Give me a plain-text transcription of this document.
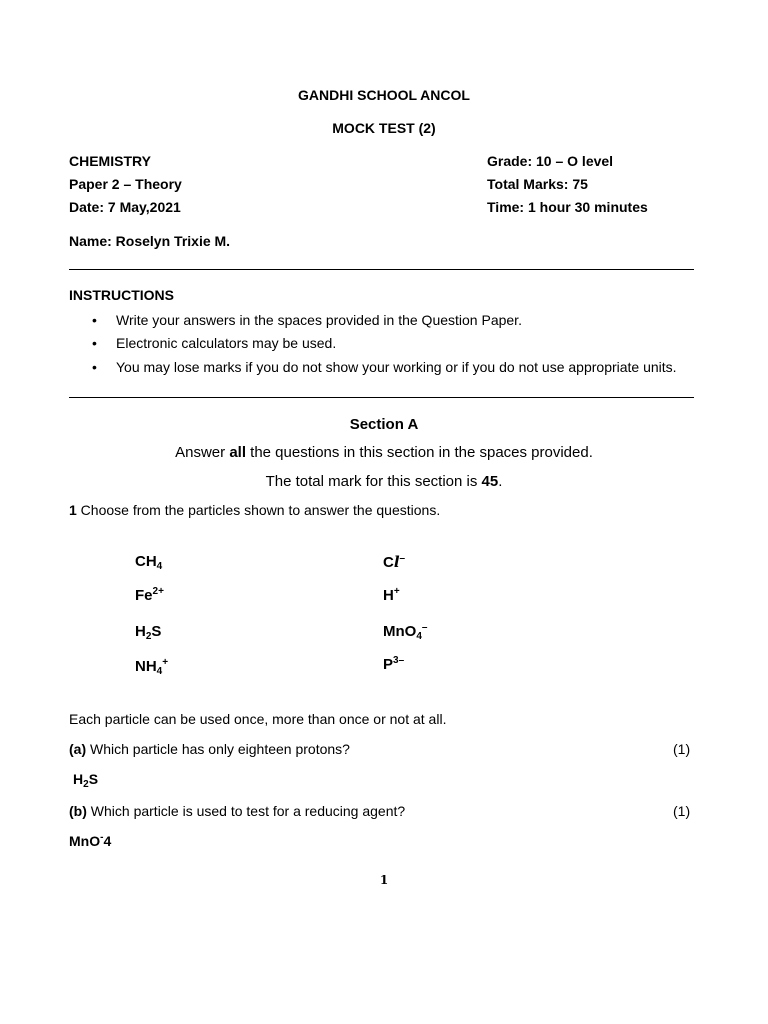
GANDHI SCHOOL ANCOL
MOCK TEST (2)
CHEMISTRY
Paper 2 – Theory
Date: 7 May,2021
Grade: 10 – O level
Total Marks: 75
Time: 1 hour 30 minutes
Name: Roselyn Trixie M.
INSTRUCTIONS
• Write your answers in the spaces provided in the Question Paper.
• Electronic calculators may be used.
• You may lose marks if you do not show your working or if you do not use appropriate units.
Section A
Answer all the questions in this section in the spaces provided.
The total mark for this section is 45.
1 Choose from the particles shown to answer the questions.
$CH_4$
$Fe^{2+}$
$H_2S$
$NH_4^+$
Cl–
H+
MnO$_4$–
$P^{3-}$
Each particle can be used once, more than once or not at all.
(a) Which particle has only eighteen protons?	(1)
$H_2S$
(b) Which particle is used to test for a reducing agent?	(1)
MnO-4
1
